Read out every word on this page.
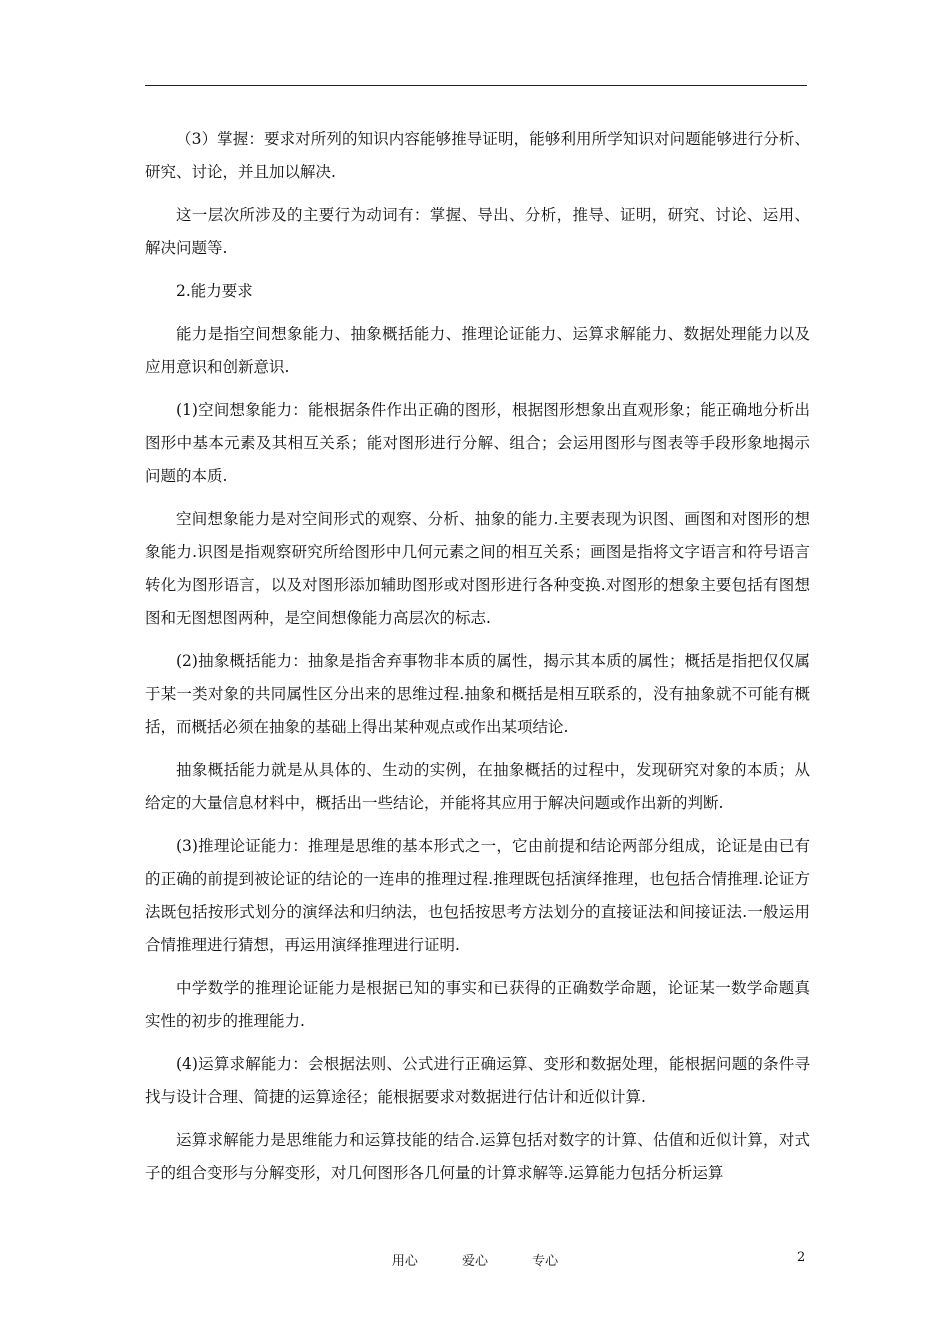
（3）掌握：要求对所列的知识内容能够推导证明，能够利用所学知识对问题能够进行分析、研究、讨论，并且加以解决.

这一层次所涉及的主要行为动词有：掌握、导出、分析，推导、证明，研究、讨论、运用、解决问题等.

2.能力要求

能力是指空间想象能力、抽象概括能力、推理论证能力、运算求解能力、数据处理能力以及应用意识和创新意识.

(1)空间想象能力：能根据条件作出正确的图形，根据图形想象出直观形象；能正确地分析出图形中基本元素及其相互关系；能对图形进行分解、组合；会运用图形与图表等手段形象地揭示问题的本质.

空间想象能力是对空间形式的观察、分析、抽象的能力.主要表现为识图、画图和对图形的想象能力.识图是指观察研究所给图形中几何元素之间的相互关系；画图是指将文字语言和符号语言转化为图形语言，以及对图形添加辅助图形或对图形进行各种变换.对图形的想象主要包括有图想图和无图想图两种，是空间想像能力高层次的标志.

(2)抽象概括能力：抽象是指舍弃事物非本质的属性，揭示其本质的属性；概括是指把仅仅属于某一类对象的共同属性区分出来的思维过程.抽象和概括是相互联系的，没有抽象就不可能有概括，而概括必须在抽象的基础上得出某种观点或作出某项结论.

抽象概括能力就是从具体的、生动的实例，在抽象概括的过程中，发现研究对象的本质；从给定的大量信息材料中，概括出一些结论，并能将其应用于解决问题或作出新的判断.

(3)推理论证能力：推理是思维的基本形式之一，它由前提和结论两部分组成，论证是由已有的正确的前提到被论证的结论的一连串的推理过程.推理既包括演绎推理，也包括合情推理.论证方法既包括按形式划分的演绎法和归纳法，也包括按思考方法划分的直接证法和间接证法.一般运用合情推理进行猜想，再运用演绎推理进行证明.

中学数学的推理论证能力是根据已知的事实和已获得的正确数学命题，论证某一数学命题真实性的初步的推理能力.

(4)运算求解能力：会根据法则、公式进行正确运算、变形和数据处理，能根据问题的条件寻找与设计合理、简捷的运算途径；能根据要求对数据进行估计和近似计算.

运算求解能力是思维能力和运算技能的结合.运算包括对数字的计算、估值和近似计算，对式子的组合变形与分解变形，对几何图形各几何量的计算求解等.运算能力包括分析运算

用心	爱心	专心	2
